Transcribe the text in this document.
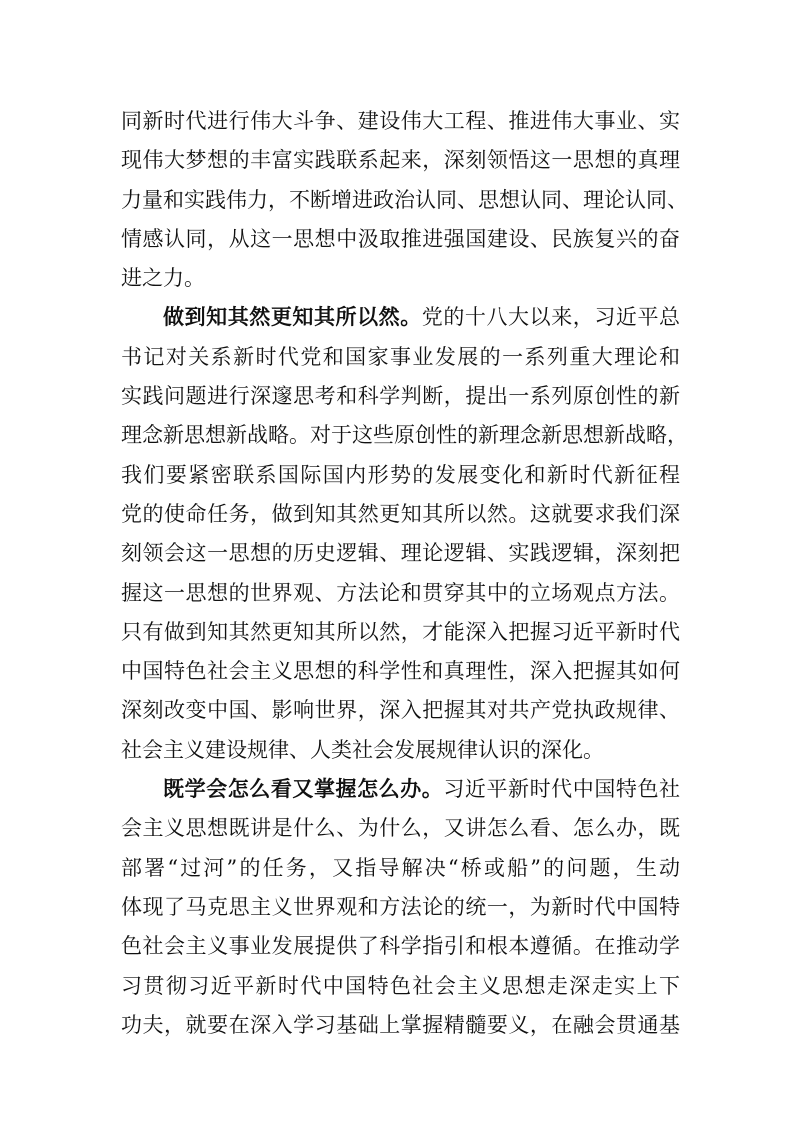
同新时代进行伟大斗争、建设伟大工程、推进伟大事业、实
现伟大梦想的丰富实践联系起来，深刻领悟这一思想的真理
力量和实践伟力，不断增进政治认同、思想认同、理论认同、
情感认同，从这一思想中汲取推进强国建设、民族复兴的奋
进之力。
做到知其然更知其所以然。党的十八大以来，习近平总
书记对关系新时代党和国家事业发展的一系列重大理论和
实践问题进行深邃思考和科学判断，提出一系列原创性的新
理念新思想新战略。对于这些原创性的新理念新思想新战略，
我们要紧密联系国际国内形势的发展变化和新时代新征程
党的使命任务，做到知其然更知其所以然。这就要求我们深
刻领会这一思想的历史逻辑、理论逻辑、实践逻辑，深刻把
握这一思想的世界观、方法论和贯穿其中的立场观点方法。
只有做到知其然更知其所以然，才能深入把握习近平新时代
中国特色社会主义思想的科学性和真理性，深入把握其如何
深刻改变中国、影响世界，深入把握其对共产党执政规律、
社会主义建设规律、人类社会发展规律认识的深化。
既学会怎么看又掌握怎么办。习近平新时代中国特色社
会主义思想既讲是什么、为什么，又讲怎么看、怎么办，既
部署“过河”的任务，又指导解决“桥或船”的问题，生动
体现了马克思主义世界观和方法论的统一，为新时代中国特
色社会主义事业发展提供了科学指引和根本遵循。在推动学
习贯彻习近平新时代中国特色社会主义思想走深走实上下
功夫，就要在深入学习基础上掌握精髓要义，在融会贯通基
